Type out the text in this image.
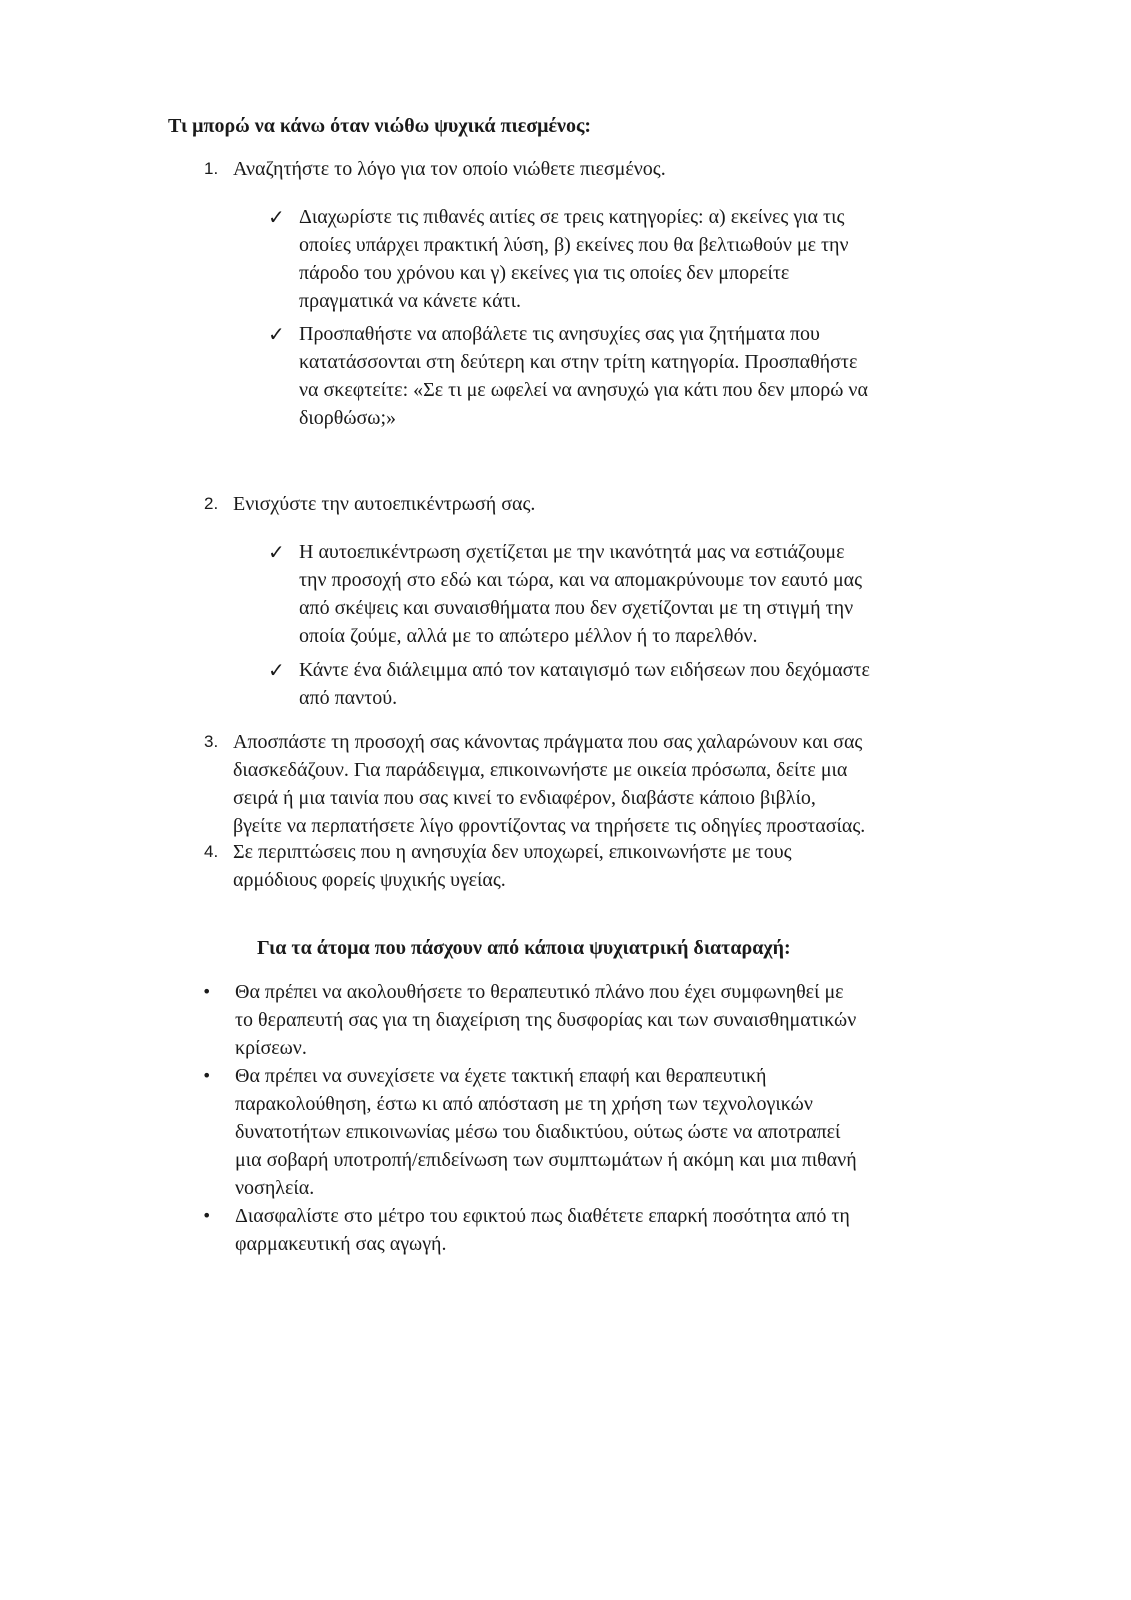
Τι μπορώ να κάνω όταν νιώθω ψυχικά πιεσμένος:
1. Αναζητήστε το λόγο για τον οποίο νιώθετε πιεσμένος.
✓ Διαχωρίστε τις πιθανές αιτίες σε τρεις κατηγορίες: α) εκείνες για τις
οποίες υπάρχει πρακτική λύση, β) εκείνες που θα βελτιωθούν με την
πάροδο του χρόνου και γ) εκείνες για τις οποίες δεν μπορείτε
πραγματικά να κάνετε κάτι.
✓ Προσπαθήστε να αποβάλετε τις ανησυχίες σας για ζητήματα που
κατατάσσονται στη δεύτερη και στην τρίτη κατηγορία. Προσπαθήστε
να σκεφτείτε: «Σε τι με ωφελεί να ανησυχώ για κάτι που δεν μπορώ να
διορθώσω;»
2. Ενισχύστε την αυτοεπικέντρωσή σας.
✓ Η αυτοεπικέντρωση σχετίζεται με την ικανότητά μας να εστιάζουμε
την προσοχή στο εδώ και τώρα, και να απομακρύνουμε τον εαυτό μας
από σκέψεις και συναισθήματα που δεν σχετίζονται με τη στιγμή την
οποία ζούμε, αλλά με το απώτερο μέλλον ή το παρελθόν.
✓ Κάντε ένα διάλειμμα από τον καταιγισμό των ειδήσεων που δεχόμαστε
από παντού.
3. Αποσπάστε τη προσοχή σας κάνοντας πράγματα που σας χαλαρώνουν και σας
διασκεδάζουν. Για παράδειγμα, επικοινωνήστε με οικεία πρόσωπα, δείτε μια
σειρά ή μια ταινία που σας κινεί το ενδιαφέρον, διαβάστε κάποιο βιβλίο,
βγείτε να περπατήσετε λίγο φροντίζοντας να τηρήσετε τις οδηγίες προστασίας.
4. Σε περιπτώσεις που η ανησυχία δεν υποχωρεί, επικοινωνήστε με τους
αρμόδιους φορείς ψυχικής υγείας.
Για τα άτομα που πάσχουν από κάποια ψυχιατρική διαταραχή:
• Θα πρέπει να ακολουθήσετε το θεραπευτικό πλάνο που έχει συμφωνηθεί με
το θεραπευτή σας για τη διαχείριση της δυσφορίας και των συναισθηματικών
κρίσεων.
• Θα πρέπει να συνεχίσετε να έχετε τακτική επαφή και θεραπευτική
παρακολούθηση, έστω κι από απόσταση με τη χρήση των τεχνολογικών
δυνατοτήτων επικοινωνίας μέσω του διαδικτύου, ούτως ώστε να αποτραπεί
μια σοβαρή υποτροπή/επιδείνωση των συμπτωμάτων ή ακόμη και μια πιθανή
νοσηλεία.
• Διασφαλίστε στο μέτρο του εφικτού πως διαθέτετε επαρκή ποσότητα από τη
φαρμακευτική σας αγωγή.
